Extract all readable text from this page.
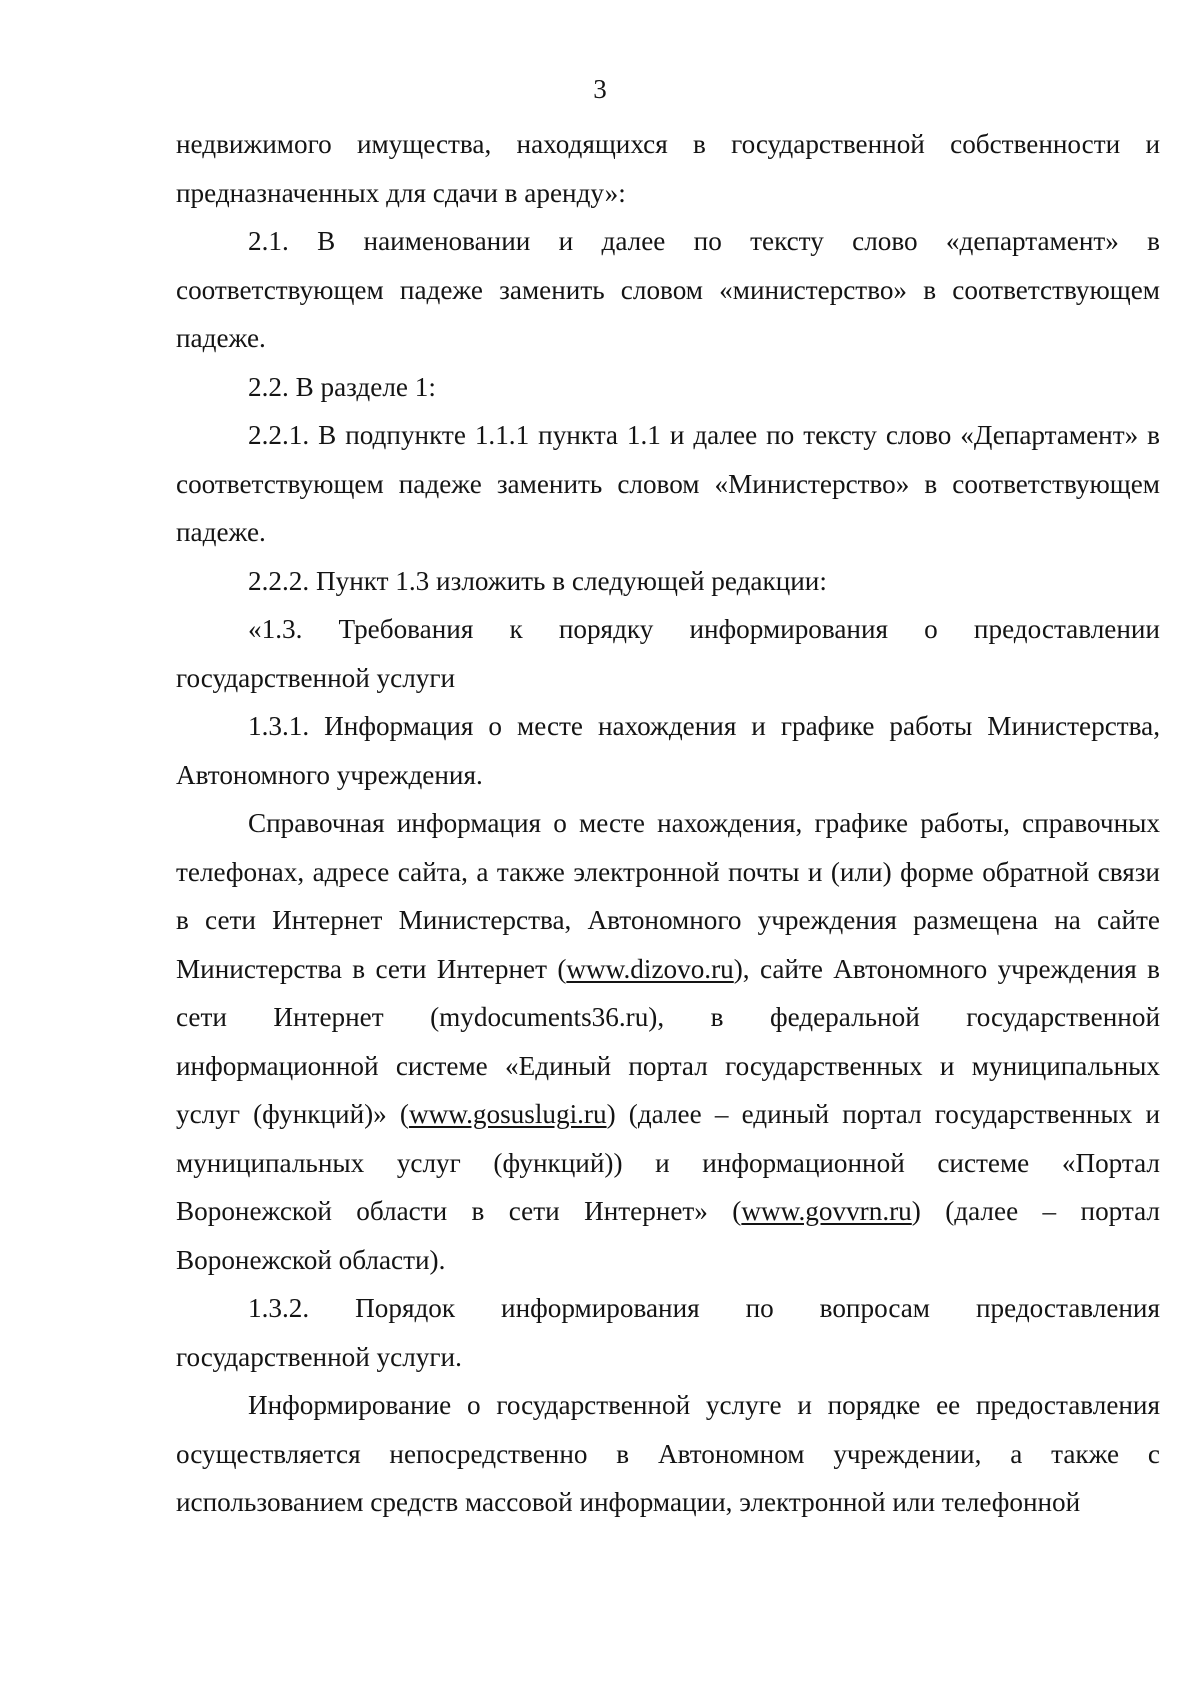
3

недвижимого имущества, находящихся в государственной собственности и предназначенных для сдачи в аренду»:

2.1. В наименовании и далее по тексту слово «департамент» в соответствующем падеже заменить словом «министерство» в соответствующем падеже.

2.2. В разделе 1:

2.2.1. В подпункте 1.1.1 пункта 1.1 и далее по тексту слово «Департамент» в соответствующем падеже заменить словом «Министерство» в соответствующем падеже.

2.2.2. Пункт 1.3 изложить в следующей редакции:

«1.3. Требования к порядку информирования о предоставлении государственной услуги

1.3.1. Информация о месте нахождения и графике работы Министерства, Автономного учреждения.

Справочная информация о месте нахождения, графике работы, справочных телефонах, адресе сайта, а также электронной почты и (или) форме обратной связи в сети Интернет Министерства, Автономного учреждения размещена на сайте Министерства в сети Интернет (www.dizovo.ru), сайте Автономного учреждения в сети Интернет (mydocuments36.ru), в федеральной государственной информационной системе «Единый портал государственных и муниципальных услуг (функций)» (www.gosuslugi.ru) (далее – единый портал государственных и муниципальных услуг (функций)) и информационной системе «Портал Воронежской области в сети Интернет» (www.govvrn.ru) (далее – портал Воронежской области).

1.3.2. Порядок информирования по вопросам предоставления государственной услуги.

Информирование о государственной услуге и порядке ее предоставления осуществляется непосредственно в Автономном учреждении, а также с использованием средств массовой информации, электронной или телефонной
